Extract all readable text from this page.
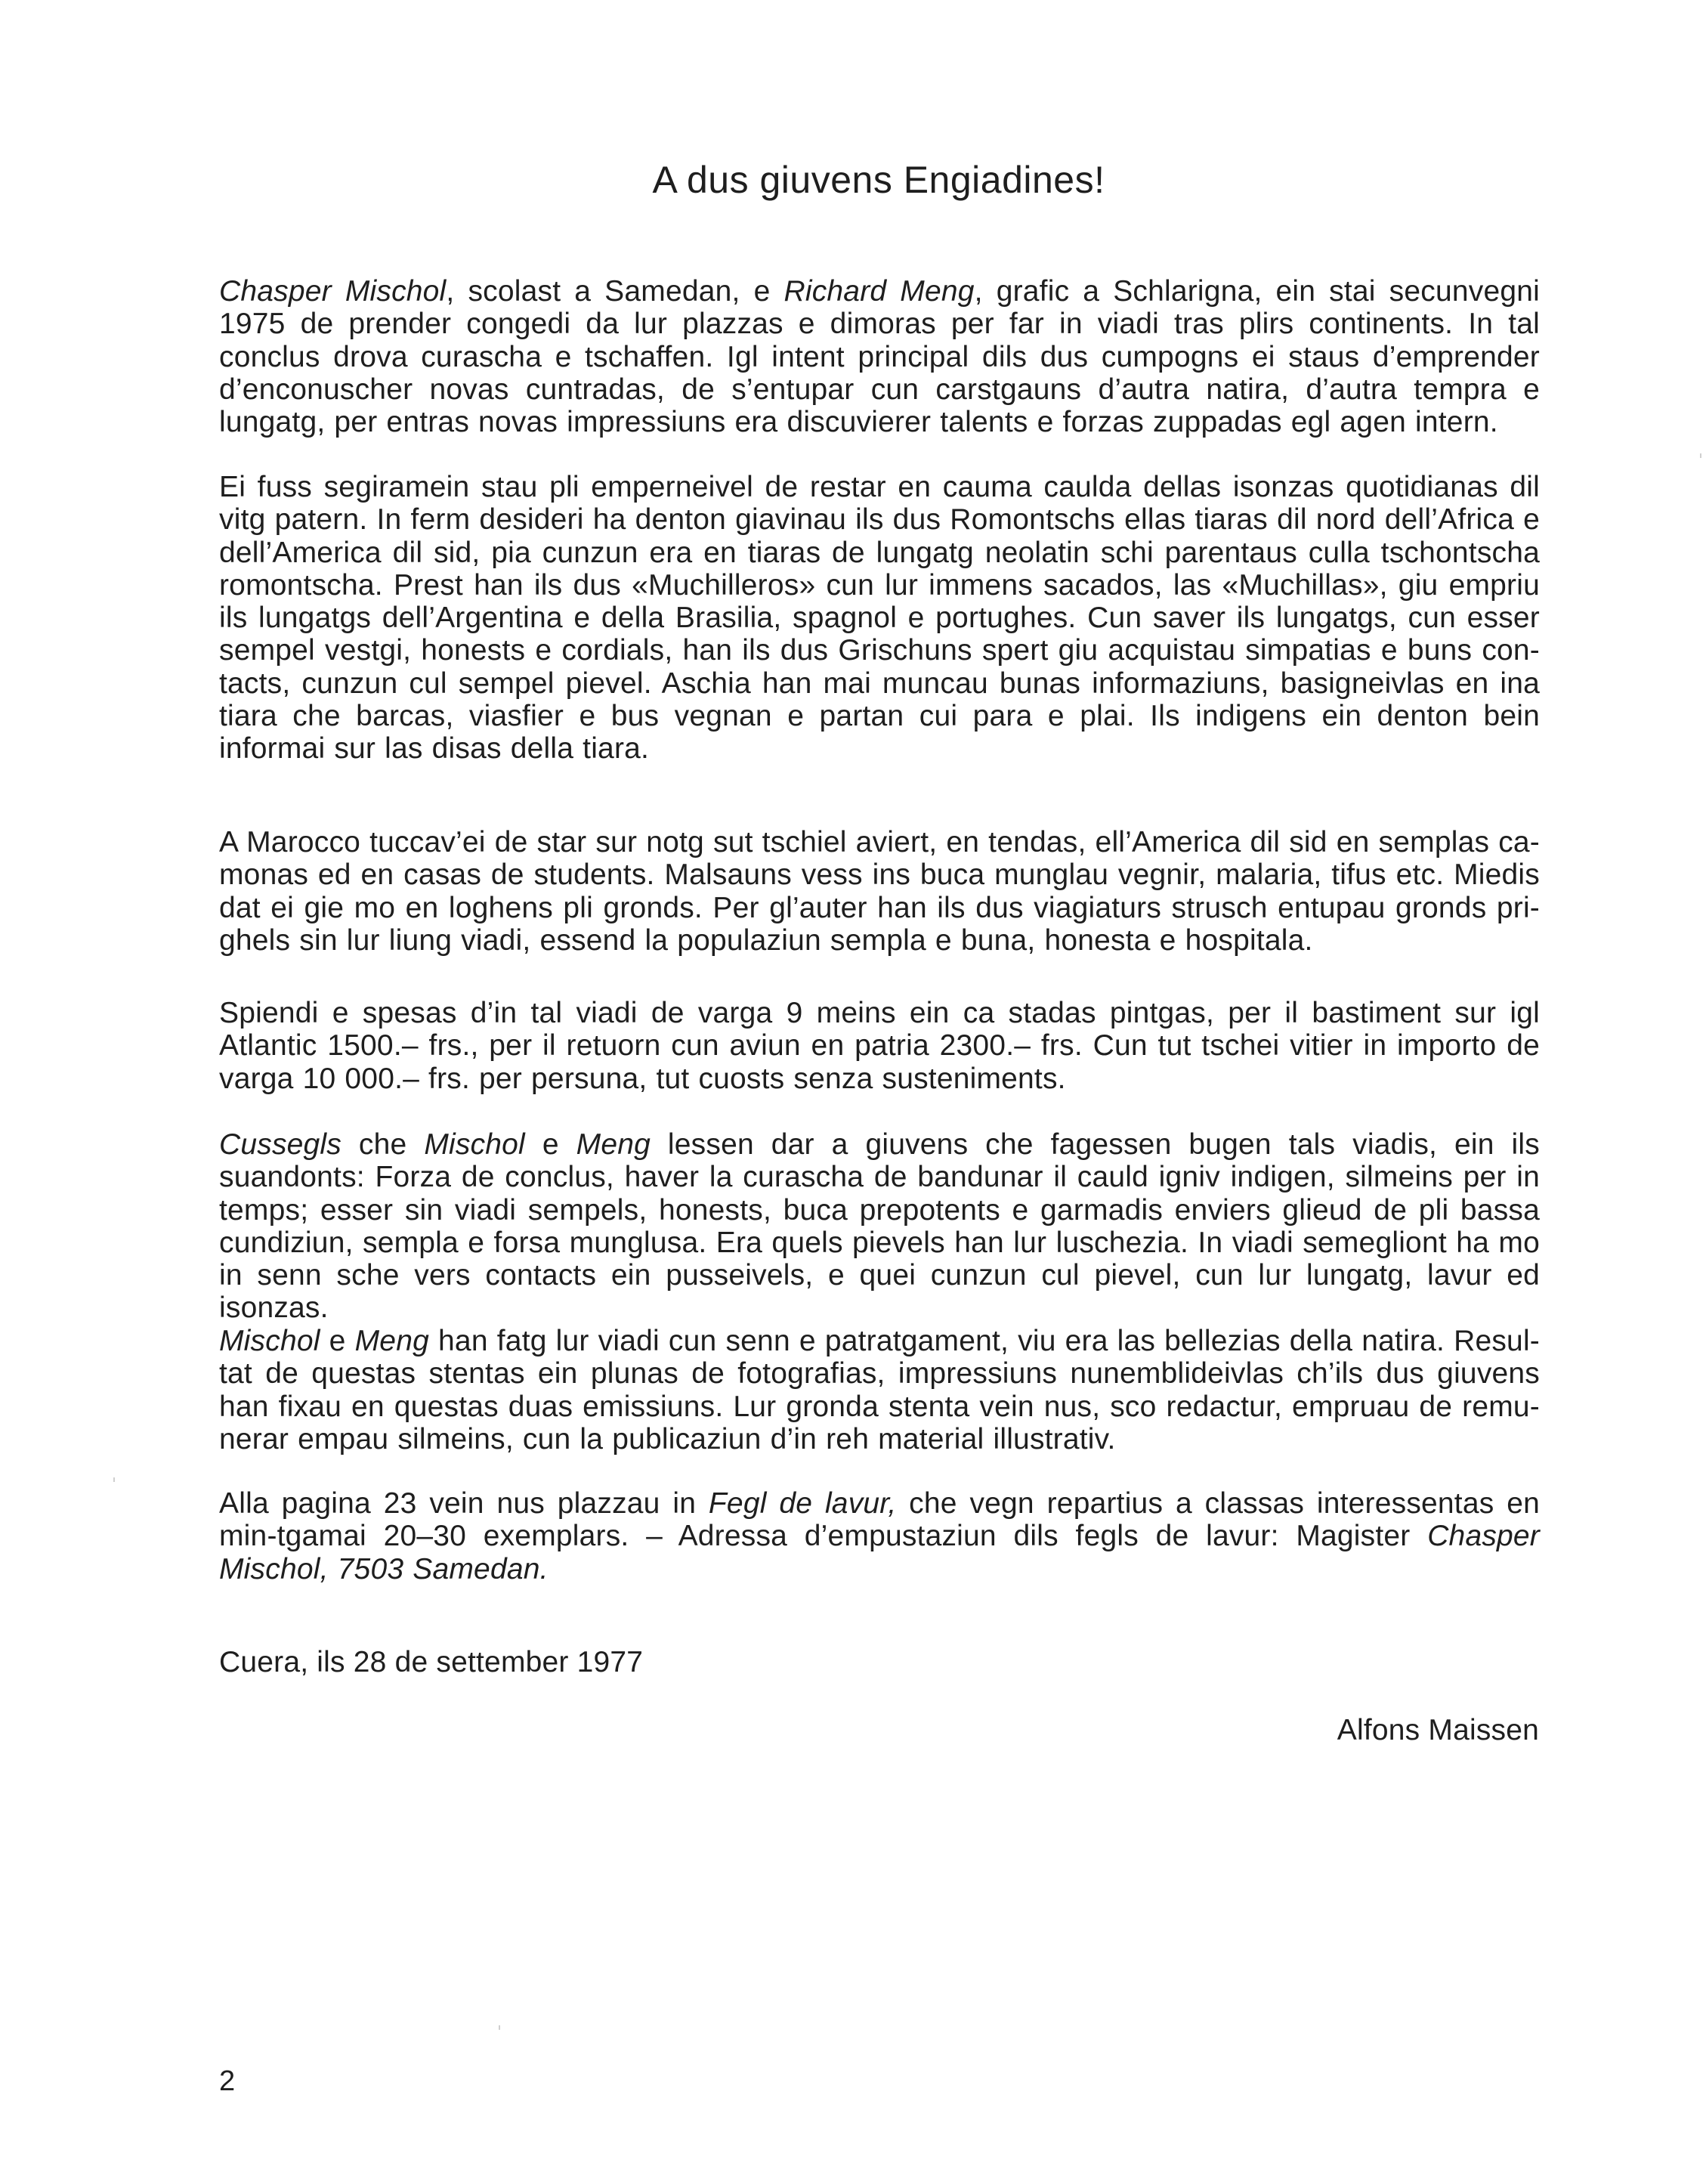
A dus giuvens Engiadines!

Chasper Mischol, scolast a Samedan, e Richard Meng, grafic a Schlarigna, ein stai secunvegni 1975 de prender congedi da lur plazzas e dimoras per far in viadi tras plirs continents. In tal conclus drova curascha e tschaffen. Igl intent principal dils dus cumpogns ei staus d’emprender d’enconuscher novas cuntradas, de s’entupar cun carstgauns d’autra natira, d’autra tempra e lungatg, per entras novas impressiuns era discuvierer talents e forzas zuppadas egl agen intern.

Ei fuss segiramein stau pli emperneivel de restar en cauma caulda dellas isonzas quotidianas dil vitg patern. In ferm desideri ha denton giavinau ils dus Romontschs ellas tiaras dil nord dell’Africa e dell’America dil sid, pia cunzun era en tiaras de lungatg neolatin schi parentaus culla tschontscha romontscha. Prest han ils dus «Muchilleros» cun lur immens sacados, las «Muchillas», giu empriu ils lungatgs dell’Argentina e della Brasilia, spagnol e portughes. Cun saver ils lungatgs, cun esser sempel vestgi, honests e cordials, han ils dus Grischuns spert giu acquistau simpatias e buns con-tacts, cunzun cul sempel pievel. Aschia han mai muncau bunas informaziuns, basigneivlas en ina tiara che barcas, viasfier e bus vegnan e partan cui para e plai. Ils indigens ein denton bein informai sur las disas della tiara.

A Marocco tuccav’ei de star sur notg sut tschiel aviert, en tendas, ell’America dil sid en semplas ca-monas ed en casas de students. Malsauns vess ins buca munglau vegnir, malaria, tifus etc. Miedis dat ei gie mo en loghens pli gronds. Per gl’auter han ils dus viagiaturs strusch entupau gronds pri-ghels sin lur liung viadi, essend la populaziun sempla e buna, honesta e hospitala.

Spiendi e spesas d’in tal viadi de varga 9 meins ein ca stadas pintgas, per il bastiment sur igl Atlantic 1500.– frs., per il retuorn cun aviun en patria 2300.– frs. Cun tut tschei vitier in importo de varga 10 000.– frs. per persuna, tut cuosts senza susteniments.

Cussegls che Mischol e Meng lessen dar a giuvens che fagessen bugen tals viadis, ein ils suandonts: Forza de conclus, haver la curascha de bandunar il cauld igniv indigen, silmeins per in temps; esser sin viadi sempels, honests, buca prepotents e garmadis enviers glieud de pli bassa cundiziun, sempla e forsa munglusa. Era quels pievels han lur luschezia. In viadi semegliont ha mo in senn sche vers contacts ein pusseivels, e quei cunzun cul pievel, cun lur lungatg, lavur ed isonzas.

Mischol e Meng han fatg lur viadi cun senn e patratgament, viu era las bellezias della natira. Resul-tat de questas stentas ein plunas de fotografias, impressiuns nunemblideivlas ch’ils dus giuvens han fixau en questas duas emissiuns. Lur gronda stenta vein nus, sco redactur, empruau de remu-nerar empau silmeins, cun la publicaziun d’in reh material illustrativ.

Alla pagina 23 vein nus plazzau in Fegl de lavur, che vegn repartius a classas interessentas en min-tgamai 20–30 exemplars. – Adressa d’empustaziun dils fegls de lavur: Magister Chasper Mischol, 7503 Samedan.

Cuera, ils 28 de settember 1977
Alfons Maissen
2
